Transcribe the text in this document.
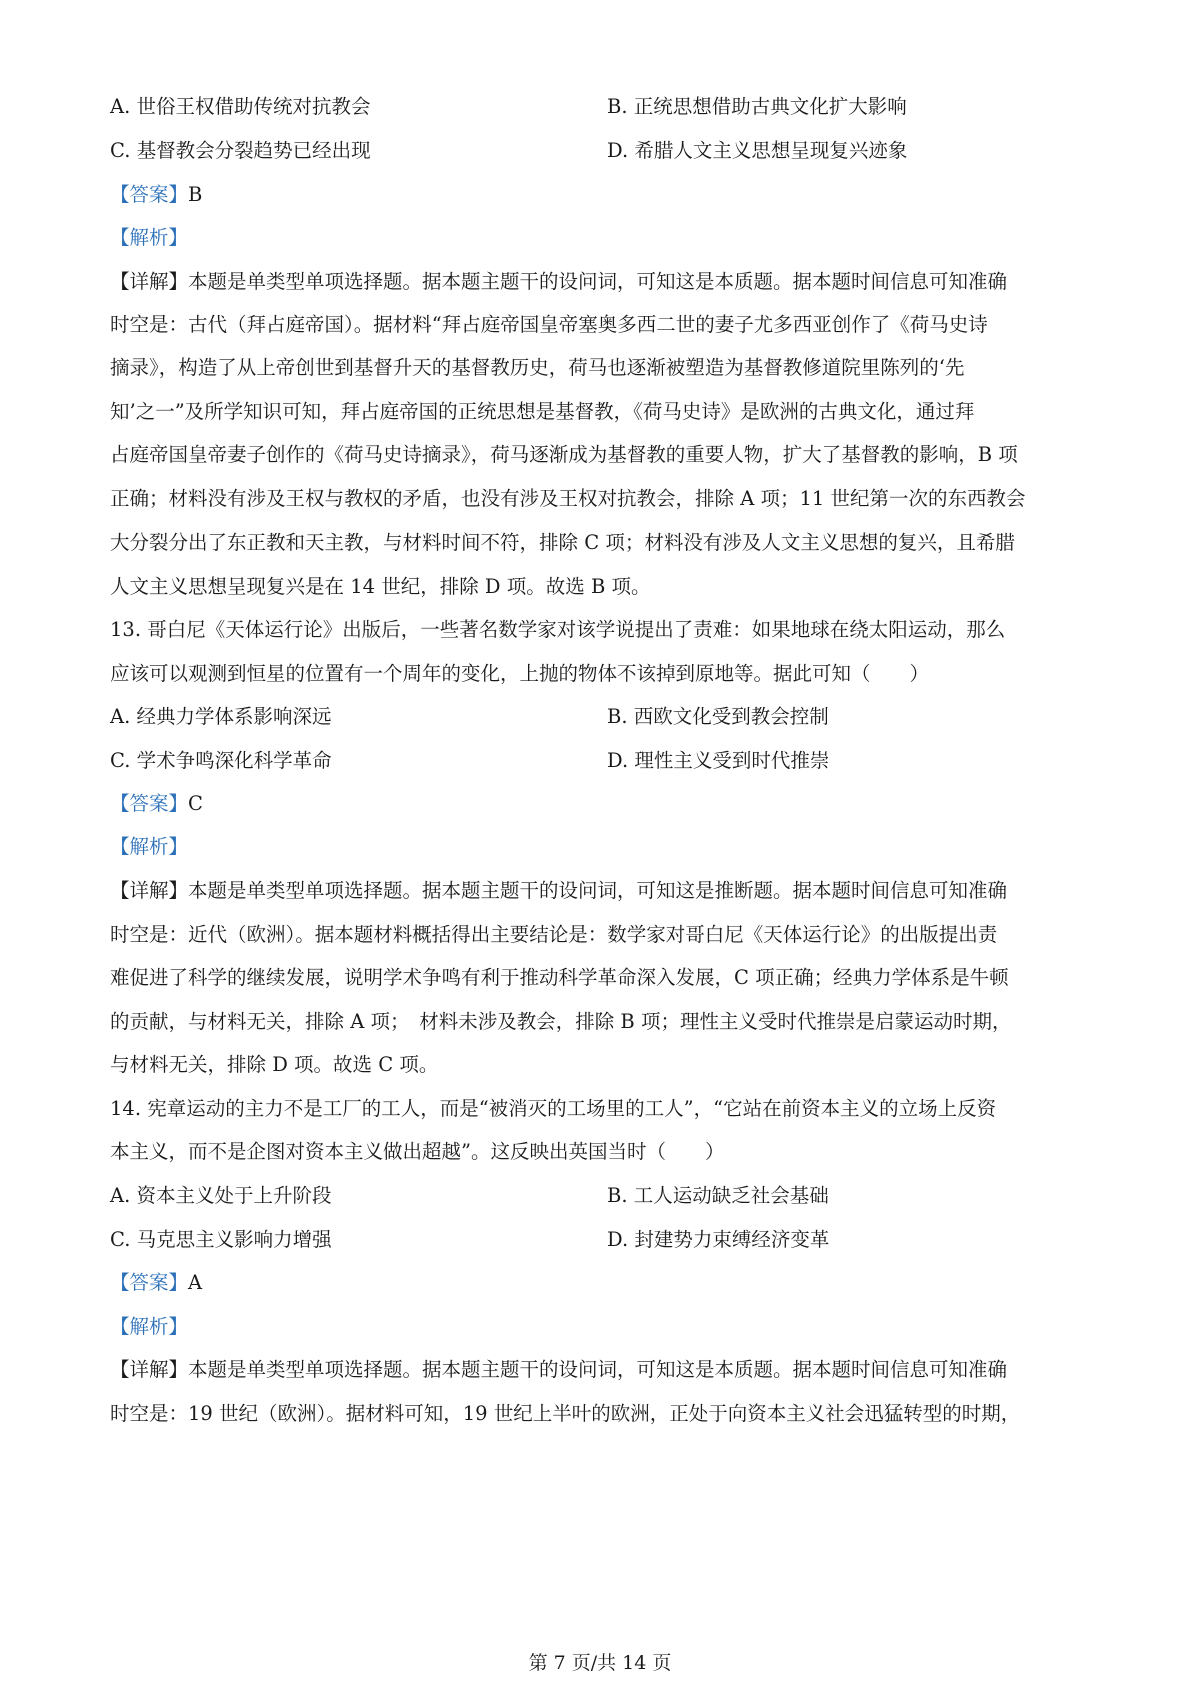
A. 世俗王权借助传统对抗教会	B. 正统思想借助古典文化扩大影响
C. 基督教会分裂趋势已经出现	D. 希腊人文主义思想呈现复兴迹象
【答案】B
【解析】
【详解】本题是单类型单项选择题。据本题主题干的设问词，可知这是本质题。据本题时间信息可知准确
时空是：古代（拜占庭帝国）。据材料“拜占庭帝国皇帝塞奥多西二世的妻子尤多西亚创作了《荷马史诗
摘录》，构造了从上帝创世到基督升天的基督教历史，荷马也逐渐被塑造为基督教修道院里陈列的‘先
知’之一”及所学知识可知，拜占庭帝国的正统思想是基督教，《荷马史诗》是欧洲的古典文化，通过拜
占庭帝国皇帝妻子创作的《荷马史诗摘录》，荷马逐渐成为基督教的重要人物，扩大了基督教的影响，B 项
正确；材料没有涉及王权与教权的矛盾，也没有涉及王权对抗教会，排除 A 项；11 世纪第一次的东西教会
大分裂分出了东正教和天主教，与材料时间不符，排除 C 项；材料没有涉及人文主义思想的复兴，且希腊
人文主义思想呈现复兴是在 14 世纪，排除 D 项。故选 B 项。
13. 哥白尼《天体运行论》出版后，一些著名数学家对该学说提出了责难：如果地球在绕太阳运动，那么
应该可以观测到恒星的位置有一个周年的变化，上抛的物体不该掉到原地等。据此可知（　　）
A. 经典力学体系影响深远	B. 西欧文化受到教会控制
C. 学术争鸣深化科学革命	D. 理性主义受到时代推崇
【答案】C
【解析】
【详解】本题是单类型单项选择题。据本题主题干的设问词，可知这是推断题。据本题时间信息可知准确
时空是：近代（欧洲）。据本题材料概括得出主要结论是：数学家对哥白尼《天体运行论》的出版提出责
难促进了科学的继续发展，说明学术争鸣有利于推动科学革命深入发展，C 项正确；经典力学体系是牛顿
的贡献，与材料无关，排除 A 项；　材料未涉及教会，排除 B 项；理性主义受时代推崇是启蒙运动时期，
与材料无关，排除 D 项。故选 C 项。
14. 宪章运动的主力不是工厂的工人，而是“被消灭的工场里的工人”，“它站在前资本主义的立场上反资
本主义，而不是企图对资本主义做出超越”。这反映出英国当时（　　）
A. 资本主义处于上升阶段	B. 工人运动缺乏社会基础
C. 马克思主义影响力增强	D. 封建势力束缚经济变革
【答案】A
【解析】
【详解】本题是单类型单项选择题。据本题主题干的设问词，可知这是本质题。据本题时间信息可知准确
时空是：19 世纪（欧洲）。据材料可知，19 世纪上半叶的欧洲，正处于向资本主义社会迅猛转型的时期，
第 7 页/共 14 页
